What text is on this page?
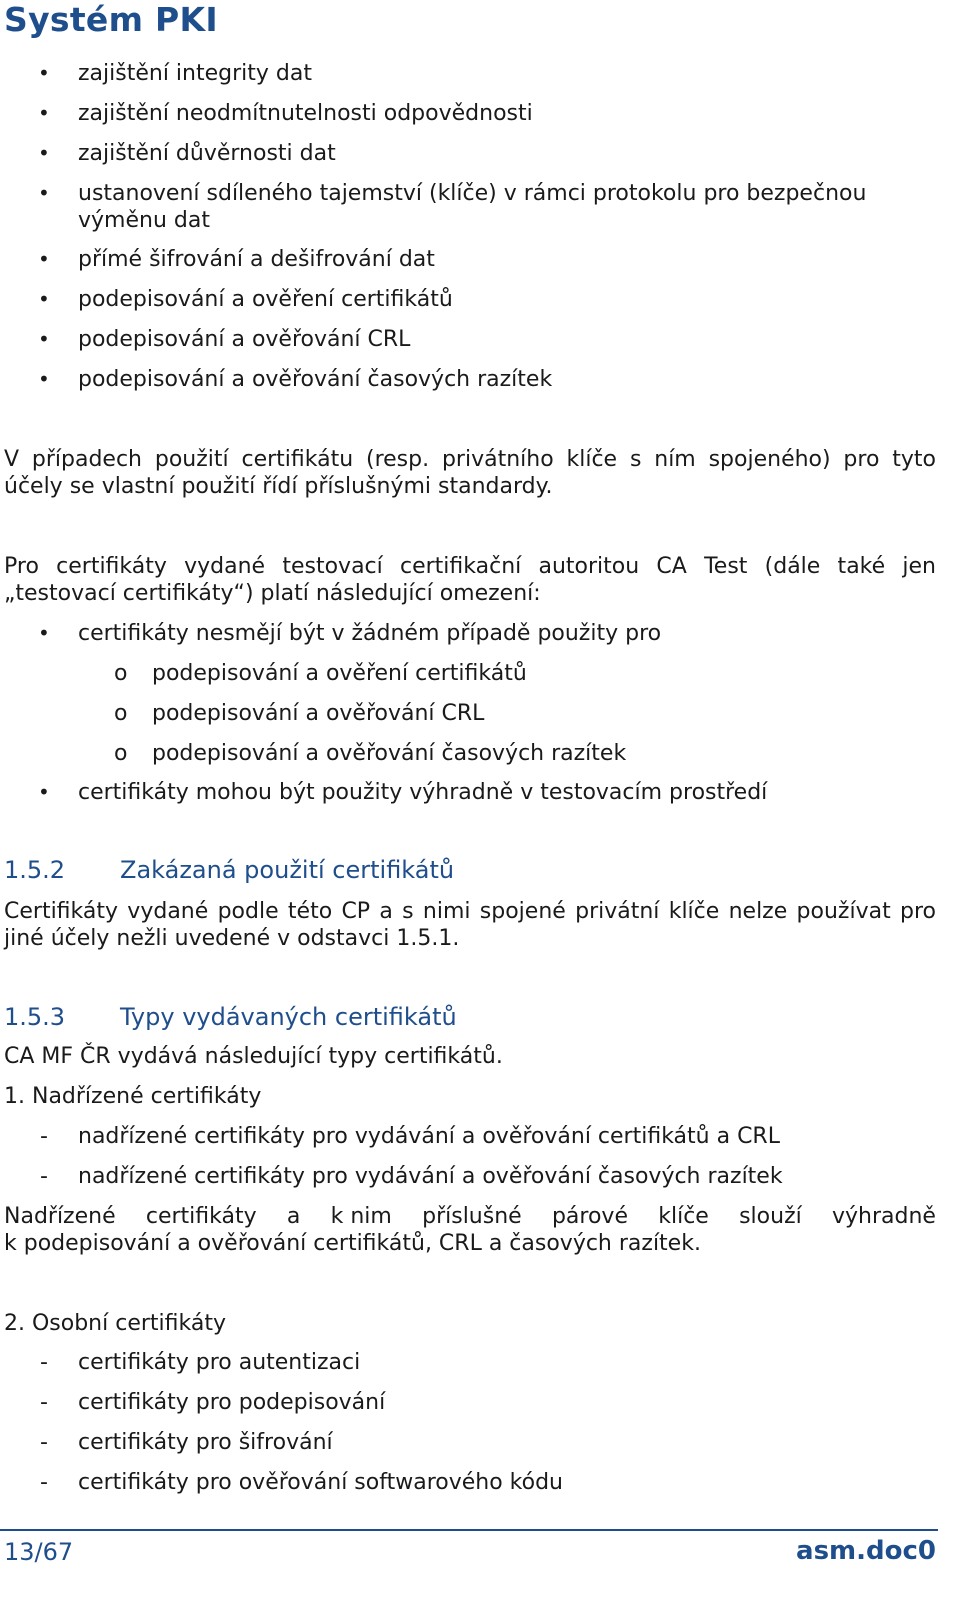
Systém PKI
• zajištění integrity dat
• zajištění neodmítnutelnosti odpovědnosti
• zajištění důvěrnosti dat
• ustanovení sdíleného tajemství (klíče) v rámci protokolu pro bezpečnou
výměnu dat
• přímé šifrování a dešifrování dat
• podepisování a ověření certifikátů
• podepisování a ověřování CRL
• podepisování a ověřování časových razítek
V případech použití certifikátu (resp. privátního klíče s ním spojeného) pro tyto
účely se vlastní použití řídí příslušnými standardy.
Pro certifikáty vydané testovací certifikační autoritou CA Test (dále také jen
„testovací certifikáty“) platí následující omezení:
• certifikáty nesmějí být v žádném případě použity pro
o podepisování a ověření certifikátů
o podepisování a ověřování CRL
o podepisování a ověřování časových razítek
• certifikáty mohou být použity výhradně v testovacím prostředí
1.5.2 Zakázaná použití certifikátů
Certifikáty vydané podle této CP a s nimi spojené privátní klíče nelze používat pro
jiné účely nežli uvedené v odstavci 1.5.1.
1.5.3 Typy vydávaných certifikátů
CA MF ČR vydává následující typy certifikátů.
1. Nadřízené certifikáty
- nadřízené certifikáty pro vydávání a ověřování certifikátů a CRL
- nadřízené certifikáty pro vydávání a ověřování časových razítek
Nadřízené certifikáty a k nim příslušné párové klíče slouží výhradně
k podepisování a ověřování certifikátů, CRL a časových razítek.
2. Osobní certifikáty
- certifikáty pro autentizaci
- certifikáty pro podepisování
- certifikáty pro šifrování
- certifikáty pro ověřování softwarového kódu
13/67	asm.doc0
